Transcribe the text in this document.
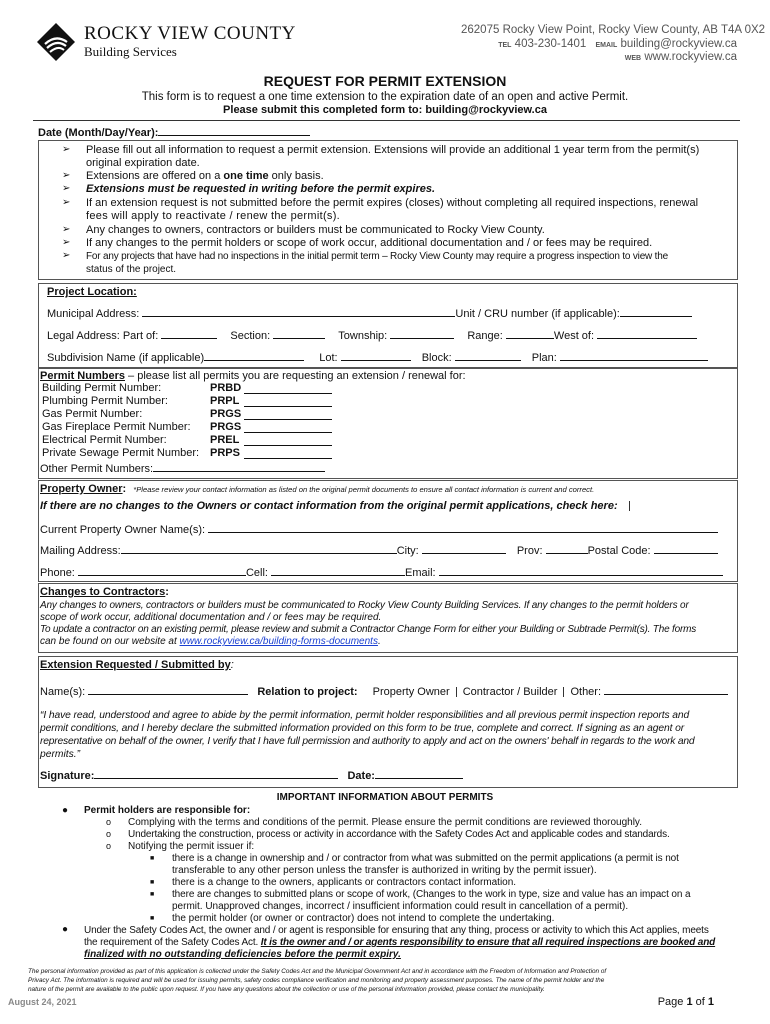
ROCKY VIEW COUNTY
Building Services
262075 Rocky View Point, Rocky View County, AB T4A 0X2
TEL 403-230-1401 EMAIL building@rockyview.ca
WEB www.rockyview.ca
REQUEST FOR PERMIT EXTENSION
This form is to request a one time extension to the expiration date of an open and active Permit.
Please submit this completed form to: building@rockyview.ca
Date (Month/Day/Year):
➢ Please fill out all information to request a permit extension. Extensions will provide an additional 1 year term from the permit(s)
original expiration date.
➢ Extensions are offered on a one time only basis.
➢ Extensions must be requested in writing before the permit expires.
➢ If an extension request is not submitted before the permit expires (closes) without completing all required inspections, renewal
fees will apply to reactivate / renew the permit(s).
➢ Any changes to owners, contractors or builders must be communicated to Rocky View County.
➢ If any changes to the permit holders or scope of work occur, additional documentation and / or fees may be required.
➢ For any projects that have had no inspections in the initial permit term – Rocky View County may require a progress inspection to view the
status of the project.
Project Location:
Municipal Address:	Unit / CRU number (if applicable):
Legal Address: Part of:	Section:	Township:	Range:	West of:
Subdivision Name (if applicable)	Lot:	Block:	Plan:
Permit Numbers – please list all permits you are requesting an extension / renewal for:
Building Permit Number:	PRBD
Plumbing Permit Number:	PRPL
Gas Permit Number:	PRGS
Gas Fireplace Permit Number: PRGS
Electrical Permit Number:	PREL
Private Sewage Permit Number: PRPS
Other Permit Numbers:
Property Owner: *Please review your contact information as listed on the original permit documents to ensure all contact information is current and correct.
If there are no changes to the Owners or contact information from the original permit applications, check here:
Current Property Owner Name(s):
Mailing Address:	City:	Prov:	Postal Code:
Phone:	Cell:	Email:
Changes to Contractors:
Any changes to owners, contractors or builders must be communicated to Rocky View County Building Services. If any changes to the permit holders or
scope of work occur, additional documentation and / or fees may be required.
To update a contractor on an existing permit, please review and submit a Contractor Change Form for either your Building or Subtrade Permit(s). The forms
can be found on our website at www.rockyview.ca/building-forms-documents.
Extension Requested / Submitted by:
Name(s):	Relation to project: Property Owner Contractor / Builder Other:
“I have read, understood and agree to abide by the permit information, permit holder responsibilities and all previous permit inspection reports and
permit conditions, and I hereby declare the submitted information provided on this form to be true, complete and correct. If signing as an agent or
representative on behalf of the owner, I verify that I have full permission and authority to apply and act on the owners' behalf in regards to the work and
permits.”
Signature:	Date:
IMPORTANT INFORMATION ABOUT PERMITS
● Permit holders are responsible for:
o Complying with the terms and conditions of the permit. Please ensure the permit conditions are reviewed thoroughly.
o Undertaking the construction, process or activity in accordance with the Safety Codes Act and applicable codes and standards.
o Notifying the permit issuer if:
■ there is a change in ownership and / or contractor from what was submitted on the permit applications (a permit is not
transferable to any other person unless the transfer is authorized in writing by the permit issuer).
■ there is a change to the owners, applicants or contractors contact information.
■ there are changes to submitted plans or scope of work, (Changes to the work in type, size and value has an impact on a
permit. Unapproved changes, incorrect / insufficient information could result in cancellation of a permit).
■ the permit holder (or owner or contractor) does not intend to complete the undertaking.
● Under the Safety Codes Act, the owner and / or agent is responsible for ensuring that any thing, process or activity to which this Act applies, meets
the requirement of the Safety Codes Act. It is the owner and / or agents responsibility to ensure that all required inspections are booked and
finalized with no outstanding deficiencies before the permit expiry.
The personal information provided as part of this application is collected under the Safety Codes Act and the Municipal Government Act and in accordance with the Freedom of Information and Protection of
Privacy Act. The information is required and will be used for issuing permits, safety codes compliance verification and monitoring and property assessment purposes. The name of the permit holder and the
nature of the permit are available to the public upon request. If you have any questions about the collection or use of the personal information provided, please contact the municipality.
August 24, 2021	Page 1 of 1
